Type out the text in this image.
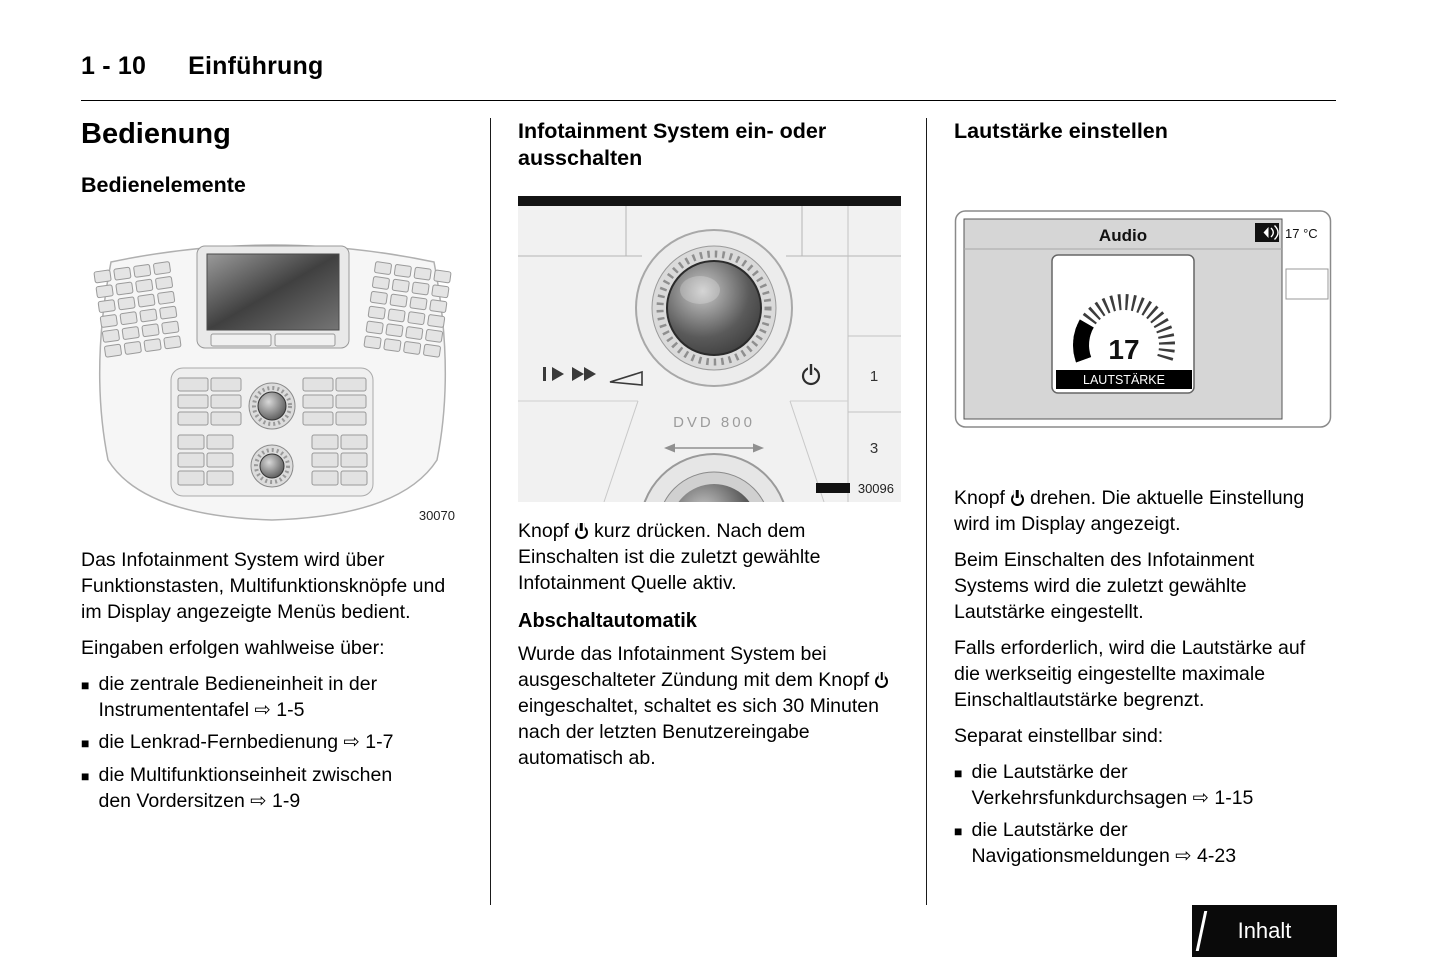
1 - 10 Einführung
Bedienung
Bedienelemente
30070

Das Infotainment System wird über Funktionstasten, Multifunktionsknöpfe und im Display angezeigte Menüs bedient.

Eingaben erfolgen wahlweise über:

■
die zentrale Bedieneinheit in der Instrumententafel ⇨ 1-5
■
die Lenkrad-Fernbedienung ⇨ 1-7
■
die Multifunktionseinheit zwischen den Vordersitzen ⇨ 1-9
Infotainment System ein- oder ausschalten
1
DVD 800
3
30096

Knopf kurz drücken. Nach dem Einschalten ist die zuletzt gewählte Infotainment Quelle aktiv.

Abschaltautomatik

Wurde das Infotainment System bei ausgeschalteter Zündung mit dem Knopfeingeschaltet, schaltet es sich 30 Minuten nach der letzten Benutzereingabe automatisch ab.

Lautstärke einstellen
Audio	17 °C
17
LAUTSTÄRKE

Knopf drehen. Die aktuelle Einstellung wird im Display angezeigt.

Beim Einschalten des Infotainment Systems wird die zuletzt gewählte Lautstärke eingestellt.

Falls erforderlich, wird die Lautstärke auf die werkseitig eingestellte maximale Einschaltlautstärke begrenzt.

Separat einstellbar sind:

■
die Lautstärke der Verkehrsfunkdurchsagen ⇨ 1-15
■
die Lautstärke der Navigationsmeldungen ⇨ 4-23
Inhalt
